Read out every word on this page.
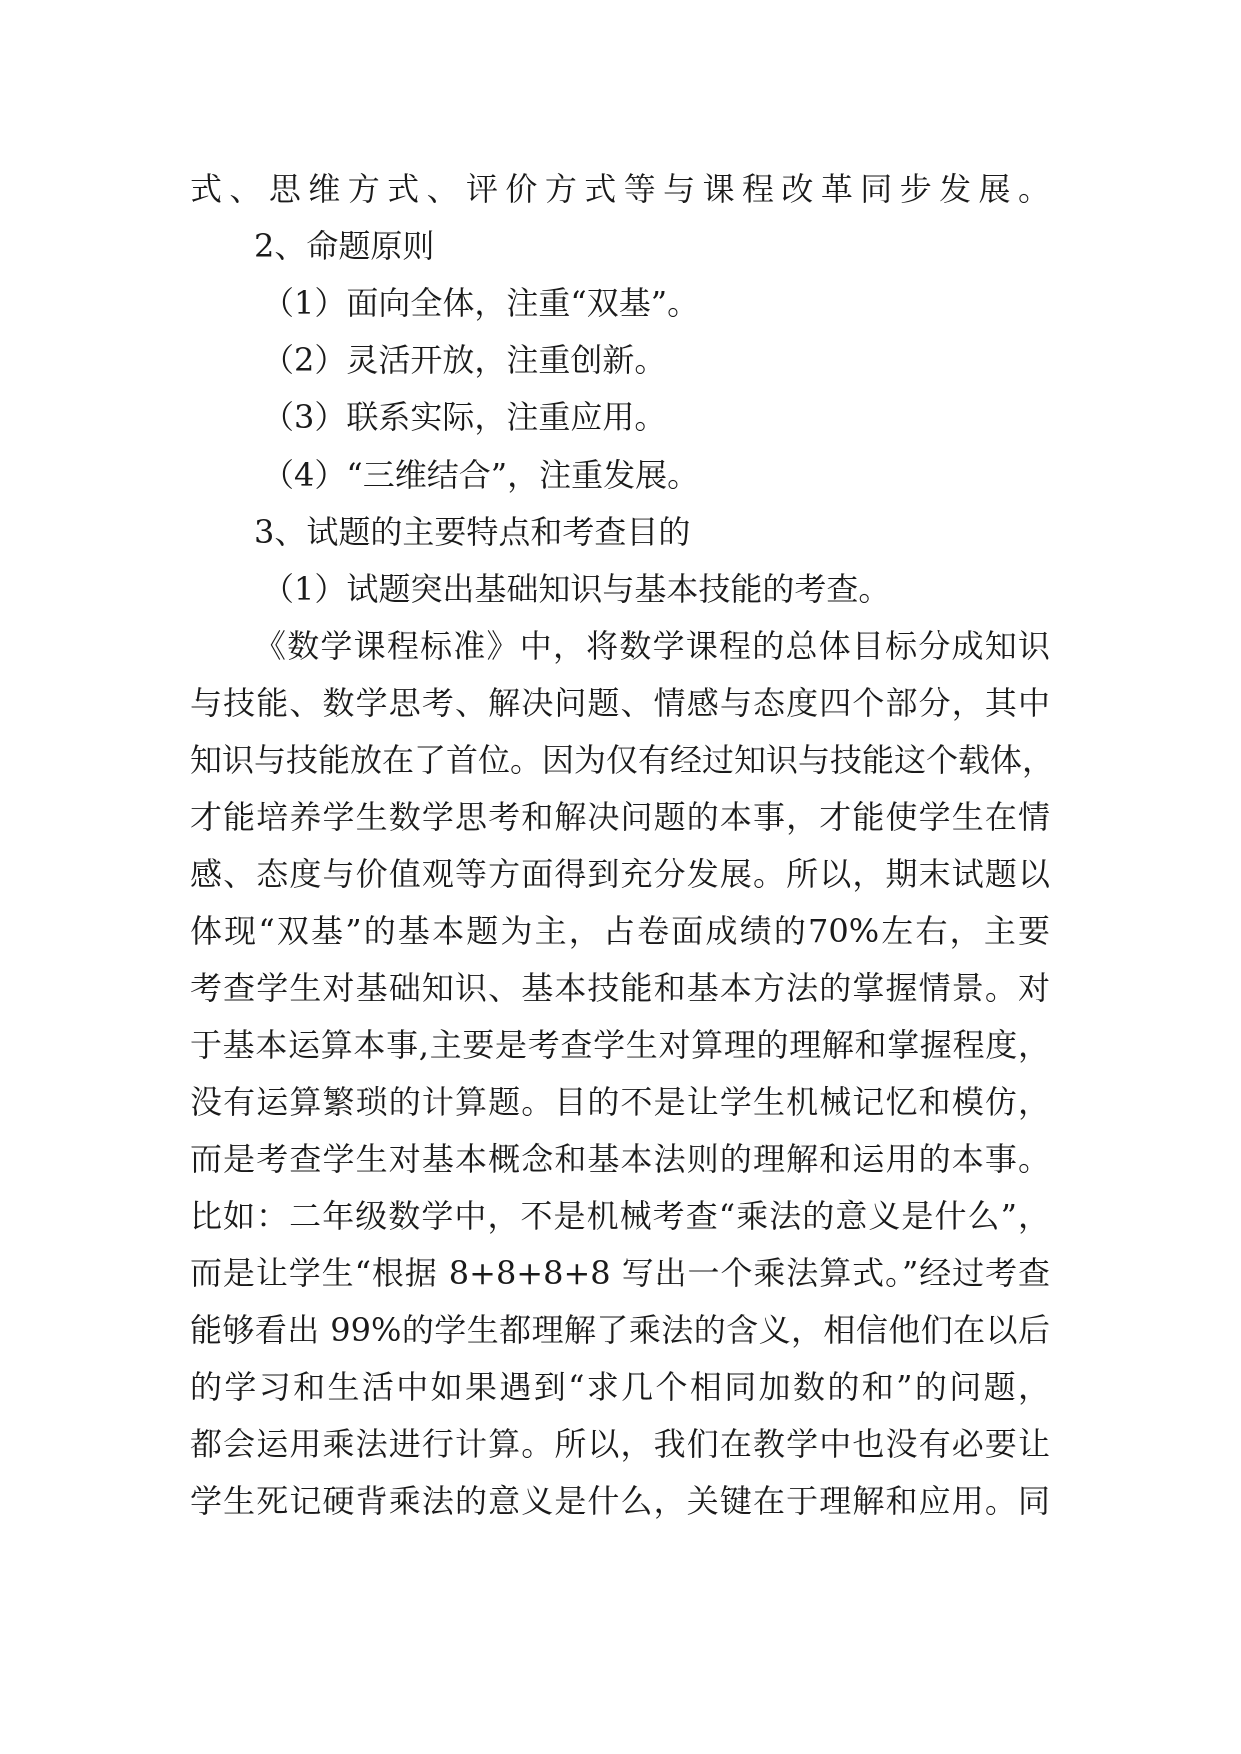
式、思维方式、评价方式等与课程改革同步发展。
2、命题原则
（1）面向全体，注重“双基”。
（2）灵活开放，注重创新。
（3）联系实际，注重应用。
（4）“三维结合”，注重发展。
3、试题的主要特点和考查目的
（1）试题突出基础知识与基本技能的考查。
《数学课程标准》中，将数学课程的总体目标分成知识
与技能、数学思考、解决问题、情感与态度四个部分，其中
知识与技能放在了首位。因为仅有经过知识与技能这个载体，
才能培养学生数学思考和解决问题的本事，才能使学生在情
感、态度与价值观等方面得到充分发展。所以，期末试题以
体现“双基”的基本题为主，占卷面成绩的70%左右，主要
考查学生对基础知识、基本技能和基本方法的掌握情景。对
于基本运算本事,主要是考查学生对算理的理解和掌握程度，
没有运算繁琐的计算题。目的不是让学生机械记忆和模仿，
而是考查学生对基本概念和基本法则的理解和运用的本事。
比如：二年级数学中，不是机械考查“乘法的意义是什么”，
而是让学生“根据 8+8+8+8 写出一个乘法算式。”经过考查
能够看出 99%的学生都理解了乘法的含义，相信他们在以后
的学习和生活中如果遇到“求几个相同加数的和”的问题，
都会运用乘法进行计算。所以，我们在教学中也没有必要让
学生死记硬背乘法的意义是什么，关键在于理解和应用。同
